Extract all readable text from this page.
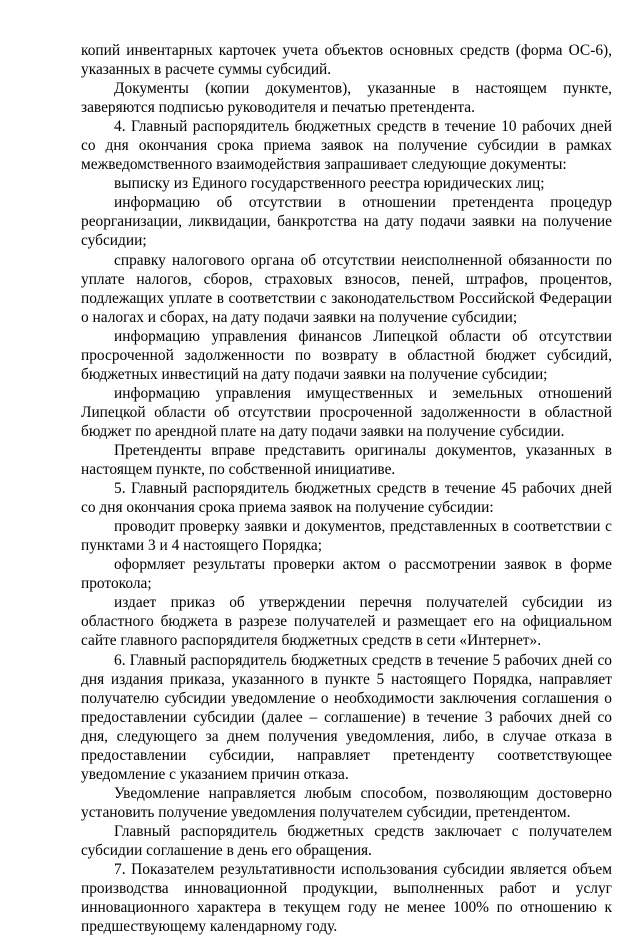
копий инвентарных карточек учета объектов основных средств (форма ОС-6), указанных в расчете суммы субсидий.

Документы (копии документов), указанные в настоящем пункте, заверяются подписью руководителя и печатью претендента.

4. Главный распорядитель бюджетных средств в течение 10 рабочих дней со дня окончания срока приема заявок на получение субсидии в рамках межведомственного взаимодействия запрашивает следующие документы:

выписку из Единого государственного реестра юридических лиц;

информацию об отсутствии в отношении претендента процедур реорганизации, ликвидации, банкротства на дату подачи заявки на получение субсидии;

справку налогового органа об отсутствии неисполненной обязанности по уплате налогов, сборов, страховых взносов, пеней, штрафов, процентов, подлежащих уплате в соответствии с законодательством Российской Федерации о налогах и сборах, на дату подачи заявки на получение субсидии;

информацию управления финансов Липецкой области об отсутствии просроченной задолженности по возврату в областной бюджет субсидий, бюджетных инвестиций на дату подачи заявки на получение субсидии;

информацию управления имущественных и земельных отношений Липецкой области об отсутствии просроченной задолженности в областной бюджет по арендной плате на дату подачи заявки на получение субсидии.

Претенденты вправе представить оригиналы документов, указанных в настоящем пункте, по собственной инициативе.

5. Главный распорядитель бюджетных средств в течение 45 рабочих дней со дня окончания срока приема заявок на получение субсидии:

проводит проверку заявки и документов, представленных в соответствии с пунктами 3 и 4 настоящего Порядка;

оформляет результаты проверки актом о рассмотрении заявок в форме протокола;

издает приказ об утверждении перечня получателей субсидии из областного бюджета в разрезе получателей и размещает его на официальном сайте главного распорядителя бюджетных средств в сети «Интернет».

6. Главный распорядитель бюджетных средств в течение 5 рабочих дней со дня издания приказа, указанного в пункте 5 настоящего Порядка, направляет получателю субсидии уведомление о необходимости заключения соглашения о предоставлении субсидии (далее – соглашение) в течение 3 рабочих дней со дня, следующего за днем получения уведомления, либо, в случае отказа в предоставлении субсидии, направляет претенденту соответствующее уведомление с указанием причин отказа.

Уведомление направляется любым способом, позволяющим достоверно установить получение уведомления получателем субсидии, претендентом.

Главный распорядитель бюджетных средств заключает с получателем субсидии соглашение в день его обращения.

7. Показателем результативности использования субсидии является объем производства инновационной продукции, выполненных работ и услуг инновационного характера в текущем году не менее 100% по отношению к предшествующему календарному году.
